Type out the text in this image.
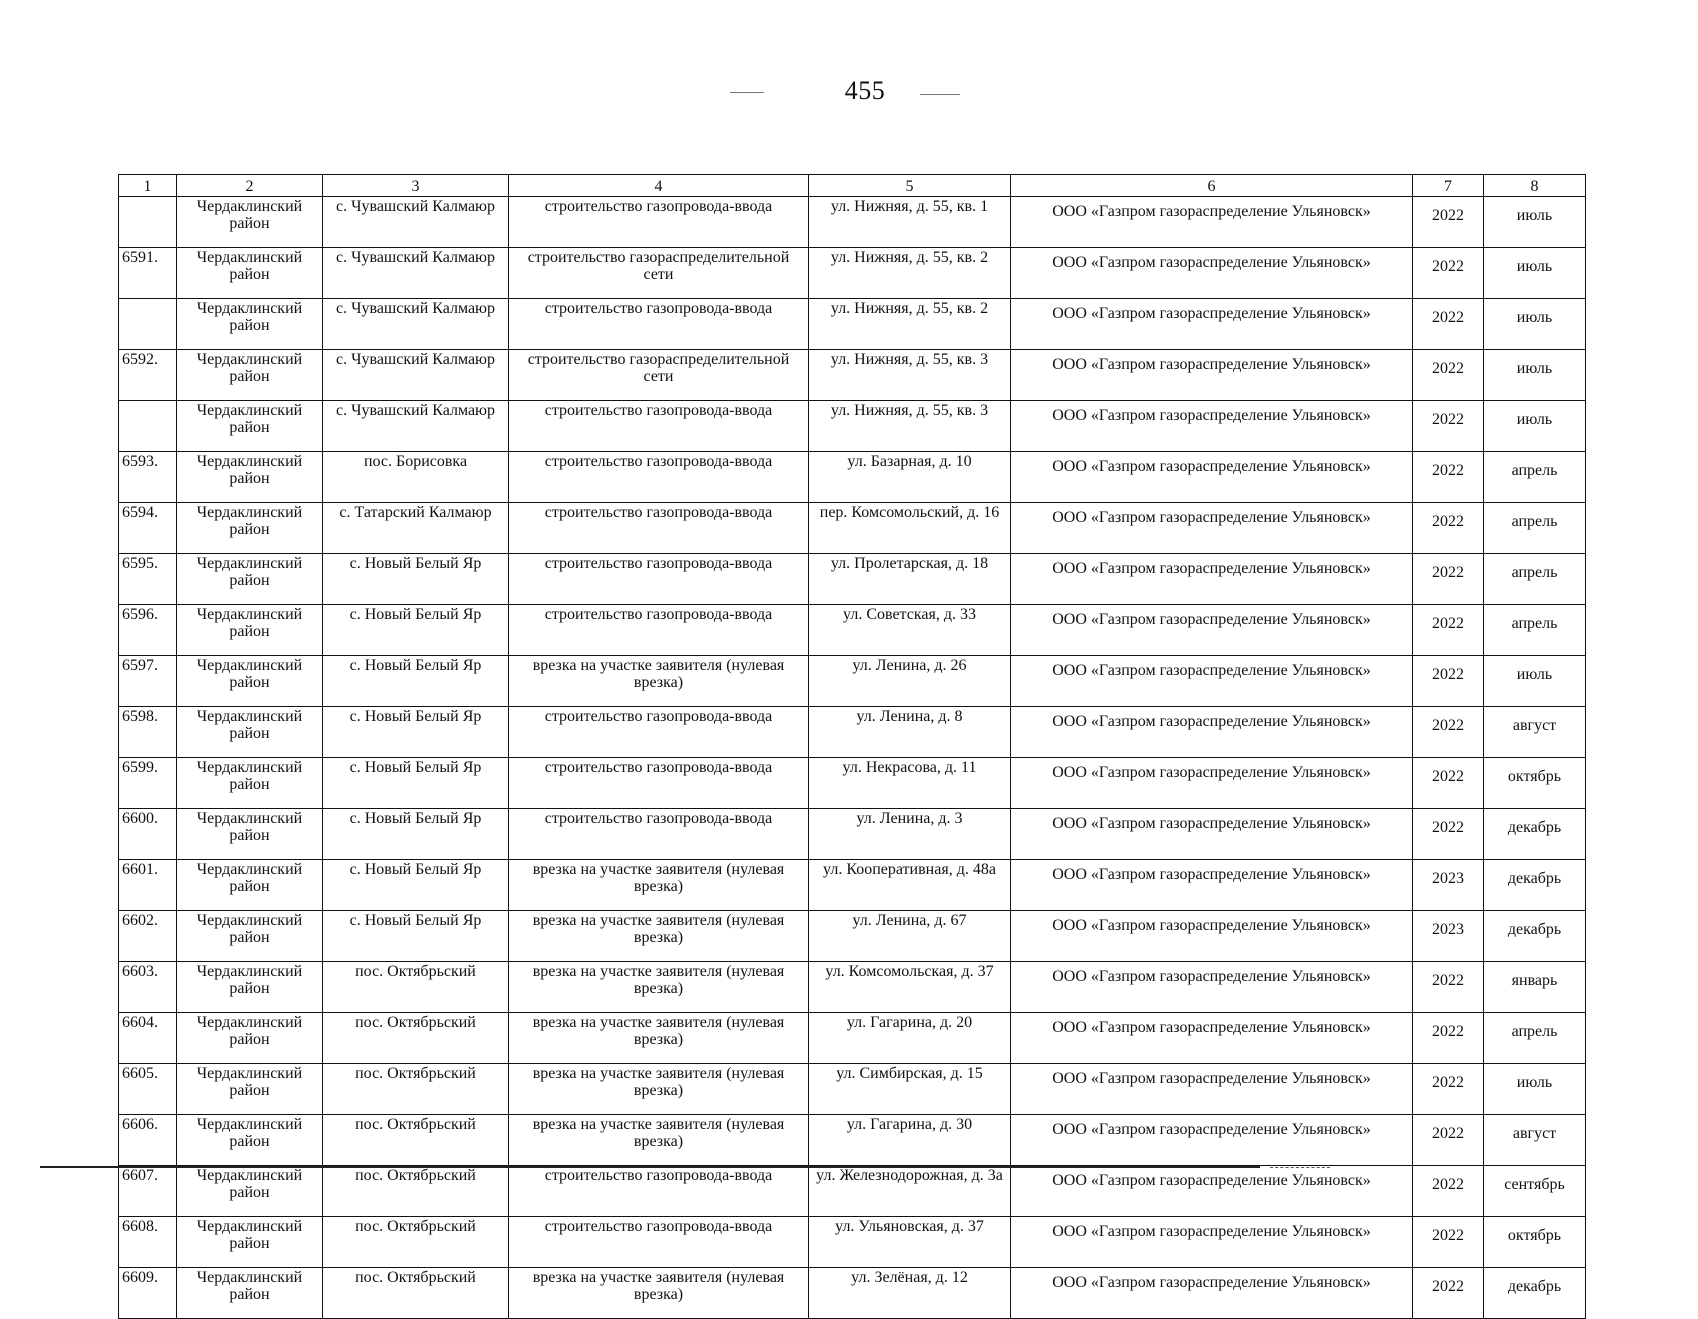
455
1	2	3	4	5	6	7	8
	Чердаклинский район	с. Чувашский Калмаюр	строительство газопровода-ввода	ул. Нижняя, д. 55, кв. 1	ООО «Газпром газораспределение Ульяновск»	2022	июль
6591.	Чердаклинский район	с. Чувашский Калмаюр	строительство газораспределительной сети	ул. Нижняя, д. 55, кв. 2	ООО «Газпром газораспределение Ульяновск»	2022	июль
	Чердаклинский район	с. Чувашский Калмаюр	строительство газопровода-ввода	ул. Нижняя, д. 55, кв. 2	ООО «Газпром газораспределение Ульяновск»	2022	июль
6592.	Чердаклинский район	с. Чувашский Калмаюр	строительство газораспределительной сети	ул. Нижняя, д. 55, кв. 3	ООО «Газпром газораспределение Ульяновск»	2022	июль
	Чердаклинский район	с. Чувашский Калмаюр	строительство газопровода-ввода	ул. Нижняя, д. 55, кв. 3	ООО «Газпром газораспределение Ульяновск»	2022	июль
6593.	Чердаклинский район	пос. Борисовка	строительство газопровода-ввода	ул. Базарная, д. 10	ООО «Газпром газораспределение Ульяновск»	2022	апрель
6594.	Чердаклинский район	с. Татарский Калмаюр	строительство газопровода-ввода	пер. Комсомольский, д. 16	ООО «Газпром газораспределение Ульяновск»	2022	апрель
6595.	Чердаклинский район	с. Новый Белый Яр	строительство газопровода-ввода	ул. Пролетарская, д. 18	ООО «Газпром газораспределение Ульяновск»	2022	апрель
6596.	Чердаклинский район	с. Новый Белый Яр	строительство газопровода-ввода	ул. Советская, д. 33	ООО «Газпром газораспределение Ульяновск»	2022	апрель
6597.	Чердаклинский район	с. Новый Белый Яр	врезка на участке заявителя (нулевая врезка)	ул. Ленина, д. 26	ООО «Газпром газораспределение Ульяновск»	2022	июль
6598.	Чердаклинский район	с. Новый Белый Яр	строительство газопровода-ввода	ул. Ленина, д. 8	ООО «Газпром газораспределение Ульяновск»	2022	август
6599.	Чердаклинский район	с. Новый Белый Яр	строительство газопровода-ввода	ул. Некрасова, д. 11	ООО «Газпром газораспределение Ульяновск»	2022	октябрь
6600.	Чердаклинский район	с. Новый Белый Яр	строительство газопровода-ввода	ул. Ленина, д. 3	ООО «Газпром газораспределение Ульяновск»	2022	декабрь
6601.	Чердаклинский район	с. Новый Белый Яр	врезка на участке заявителя (нулевая врезка)	ул. Кооперативная, д. 48а	ООО «Газпром газораспределение Ульяновск»	2023	декабрь
6602.	Чердаклинский район	с. Новый Белый Яр	врезка на участке заявителя (нулевая врезка)	ул. Ленина, д. 67	ООО «Газпром газораспределение Ульяновск»	2023	декабрь
6603.	Чердаклинский район	пос. Октябрьский	врезка на участке заявителя (нулевая врезка)	ул. Комсомольская, д. 37	ООО «Газпром газораспределение Ульяновск»	2022	январь
6604.	Чердаклинский район	пос. Октябрьский	врезка на участке заявителя (нулевая врезка)	ул. Гагарина, д. 20	ООО «Газпром газораспределение Ульяновск»	2022	апрель
6605.	Чердаклинский район	пос. Октябрьский	врезка на участке заявителя (нулевая врезка)	ул. Симбирская, д. 15	ООО «Газпром газораспределение Ульяновск»	2022	июль
6606.	Чердаклинский район	пос. Октябрьский	врезка на участке заявителя (нулевая врезка)	ул. Гагарина, д. 30	ООО «Газпром газораспределение Ульяновск»	2022	август
6607.	Чердаклинский район	пос. Октябрьский	строительство газопровода-ввода	ул. Железнодорожная, д. 3а	ООО «Газпром газораспределение Ульяновск»	2022	сентябрь
6608.	Чердаклинский район	пос. Октябрьский	строительство газопровода-ввода	ул. Ульяновская, д. 37	ООО «Газпром газораспределение Ульяновск»	2022	октябрь
6609.	Чердаклинский район	пос. Октябрьский	врезка на участке заявителя (нулевая врезка)	ул. Зелёная, д. 12	ООО «Газпром газораспределение Ульяновск»	2022	декабрь
